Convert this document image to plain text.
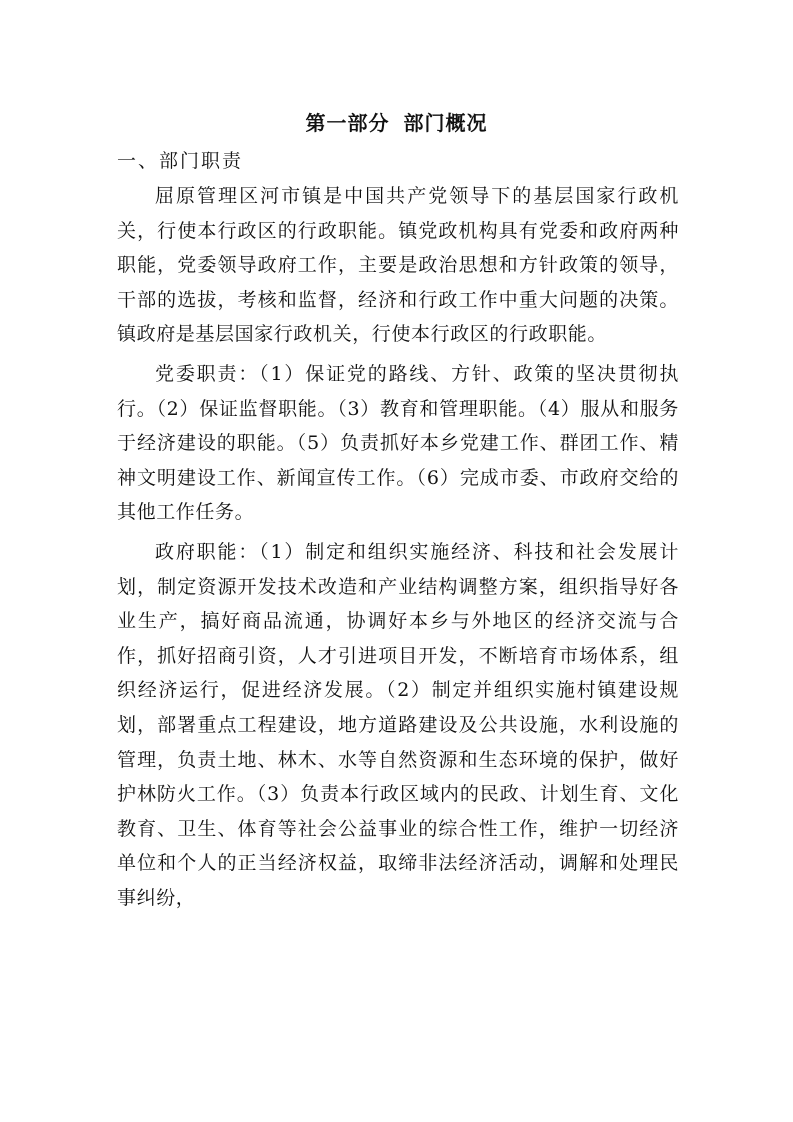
第一部分 部门概况
一、部门职责

屈原管理区河市镇是中国共产党领导下的基层国家行政机关，行使本行政区的行政职能。镇党政机构具有党委和政府两种职能，党委领导政府工作，主要是政治思想和方针政策的领导，干部的选拔，考核和监督，经济和行政工作中重大问题的决策。镇政府是基层国家行政机关，行使本行政区的行政职能。

党委职责：（1）保证党的路线、方针、政策的坚决贯彻执行。（2）保证监督职能。（3）教育和管理职能。（4）服从和服务于经济建设的职能。（5）负责抓好本乡党建工作、群团工作、精神文明建设工作、新闻宣传工作。（6）完成市委、市政府交给的其他工作任务。

政府职能：（1）制定和组织实施经济、科技和社会发展计划，制定资源开发技术改造和产业结构调整方案，组织指导好各业生产，搞好商品流通，协调好本乡与外地区的经济交流与合作，抓好招商引资，人才引进项目开发，不断培育市场体系，组织经济运行，促进经济发展。（2）制定并组织实施村镇建设规划，部署重点工程建设，地方道路建设及公共设施，水利设施的管理，负责土地、林木、水等自然资源和生态环境的保护，做好护林防火工作。（3）负责本行政区域内的民政、计划生育、文化教育、卫生、体育等社会公益事业的综合性工作，维护一切经济单位和个人的正当经济权益，取缔非法经济活动，调解和处理民事纠纷，
